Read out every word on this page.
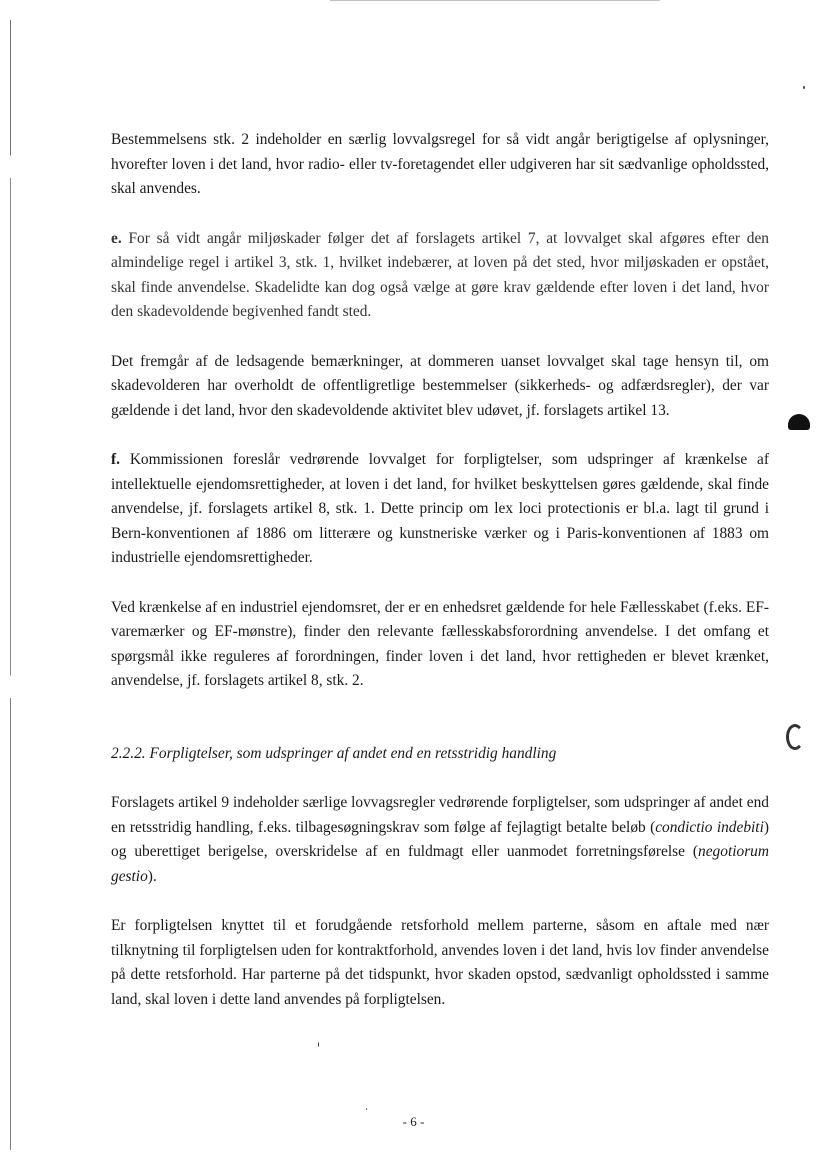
Bestemmelsens stk. 2 indeholder en særlig lovvalgsregel for så vidt angår berigtigelse af oplysninger, hvorefter loven i det land, hvor radio- eller tv-foretagendet eller udgiveren har sit sædvanlige opholdssted, skal anvendes.

e. For så vidt angår miljøskader følger det af forslagets artikel 7, at lovvalget skal afgøres efter den almindelige regel i artikel 3, stk. 1, hvilket indebærer, at loven på det sted, hvor miljøskaden er opstået, skal finde anvendelse. Skadelidte kan dog også vælge at gøre krav gældende efter loven i det land, hvor den skadevoldende begivenhed fandt sted.

Det fremgår af de ledsagende bemærkninger, at dommeren uanset lovvalget skal tage hensyn til, om skadevolderen har overholdt de offentligretlige bestemmelser (sikkerheds- og adfærdsregler), der var gældende i det land, hvor den skadevoldende aktivitet blev udøvet, jf. forslagets artikel 13.

f. Kommissionen foreslår vedrørende lovvalget for forpligtelser, som udspringer af krænkelse af intellektuelle ejendomsrettigheder, at loven i det land, for hvilket beskyttelsen gøres gældende, skal finde anvendelse, jf. forslagets artikel 8, stk. 1. Dette princip om lex loci protectionis er bl.a. lagt til grund i Bern-konventionen af 1886 om litterære og kunstneriske værker og i Paris-konventionen af 1883 om industrielle ejendomsrettigheder.

Ved krænkelse af en industriel ejendomsret, der er en enhedsret gældende for hele Fællesskabet (f.eks. EF-varemærker og EF-mønstre), finder den relevante fællesskabsforordning anvendelse. I det omfang et spørgsmål ikke reguleres af forordningen, finder loven i det land, hvor rettigheden er blevet krænket, anvendelse, jf. forslagets artikel 8, stk. 2.

2.2.2. Forpligtelser, som udspringer af andet end en retsstridig handling

Forslagets artikel 9 indeholder særlige lovvagsregler vedrørende forpligtelser, som udspringer af andet end en retsstridig handling, f.eks. tilbagesøgningskrav som følge af fejlagtigt betalte beløb (condictio indebiti) og uberettiget berigelse, overskridelse af en fuldmagt eller uanmodet forretningsførelse (negotiorum gestio).

Er forpligtelsen knyttet til et forudgående retsforhold mellem parterne, såsom en aftale med nær tilknytning til forpligtelsen uden for kontraktforhold, anvendes loven i det land, hvis lov finder anvendelse på dette retsforhold. Har parterne på det tidspunkt, hvor skaden opstod, sædvanligt opholdssted i samme land, skal loven i dette land anvendes på forpligtelsen.

- 6 -
